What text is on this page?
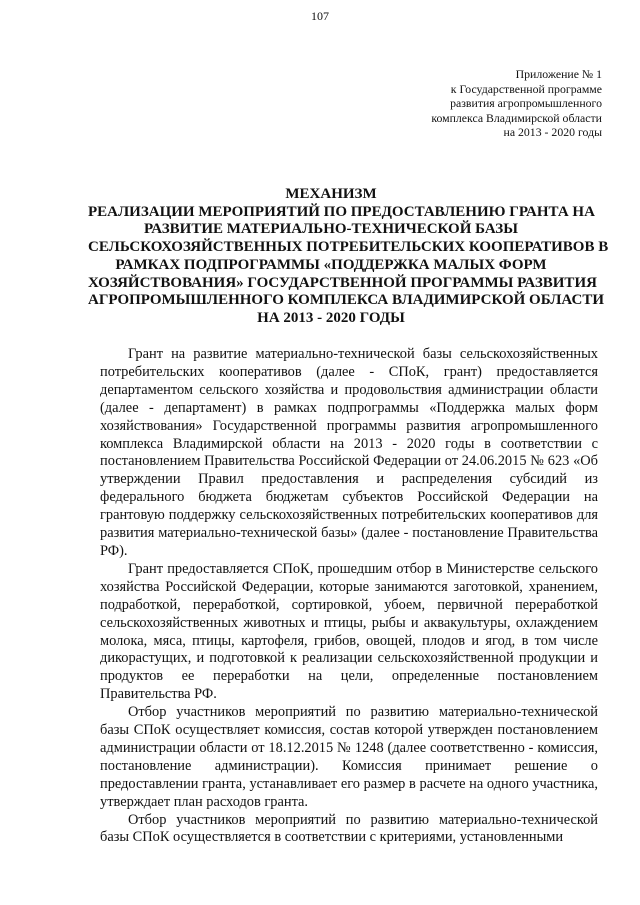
107
Приложение № 1
к Государственной программе
развития агропромышленного
комплекса Владимирской области
на 2013 - 2020 годы
МЕХАНИЗМ
РЕАЛИЗАЦИИ МЕРОПРИЯТИЙ ПО ПРЕДОСТАВЛЕНИЮ ГРАНТА НА
РАЗВИТИЕ МАТЕРИАЛЬНО-ТЕХНИЧЕСКОЙ БАЗЫ
СЕЛЬСКОХОЗЯЙСТВЕННЫХ ПОТРЕБИТЕЛЬСКИХ КООПЕРАТИВОВ В
РАМКАХ ПОДПРОГРАММЫ «ПОДДЕРЖКА МАЛЫХ ФОРМ
ХОЗЯЙСТВОВАНИЯ» ГОСУДАРСТВЕННОЙ ПРОГРАММЫ РАЗВИТИЯ
АГРОПРОМЫШЛЕННОГО КОМПЛЕКСА ВЛАДИМИРСКОЙ ОБЛАСТИ
НА 2013 - 2020 ГОДЫ

Грант на развитие материально-технической базы сельскохозяйственных потребительских кооперативов (далее - СПоК, грант) предоставляется департаментом сельского хозяйства и продовольствия администрации области (далее - департамент) в рамках подпрограммы «Поддержка малых форм хозяйствования» Государственной программы развития агропромышленного комплекса Владимирской области на 2013 - 2020 годы в соответствии с постановлением Правительства Российской Федерации от 24.06.2015 № 623 «Об утверждении Правил предоставления и распределения субсидий из федерального бюджета бюджетам субъектов Российской Федерации на грантовую поддержку сельскохозяйственных потребительских кооперативов для развития материально-технической базы» (далее - постановление Правительства РФ).

Грант предоставляется СПоК, прошедшим отбор в Министерстве сельского хозяйства Российской Федерации, которые занимаются заготовкой, хранением, подработкой, переработкой, сортировкой, убоем, первичной переработкой сельскохозяйственных животных и птицы, рыбы и аквакультуры, охлаждением молока, мяса, птицы, картофеля, грибов, овощей, плодов и ягод, в том числе дикорастущих, и подготовкой к реализации сельскохозяйственной продукции и продуктов ее переработки на цели, определенные постановлением Правительства РФ.

Отбор участников мероприятий по развитию материально-технической базы СПоК осуществляет комиссия, состав которой утвержден постановлением администрации области от 18.12.2015 № 1248 (далее соответственно - комиссия, постановление администрации). Комиссия принимает решение о предоставлении гранта, устанавливает его размер в расчете на одного участника, утверждает план расходов гранта.

Отбор участников мероприятий по развитию материально-технической базы СПоК осуществляется в соответствии с критериями, установленными
